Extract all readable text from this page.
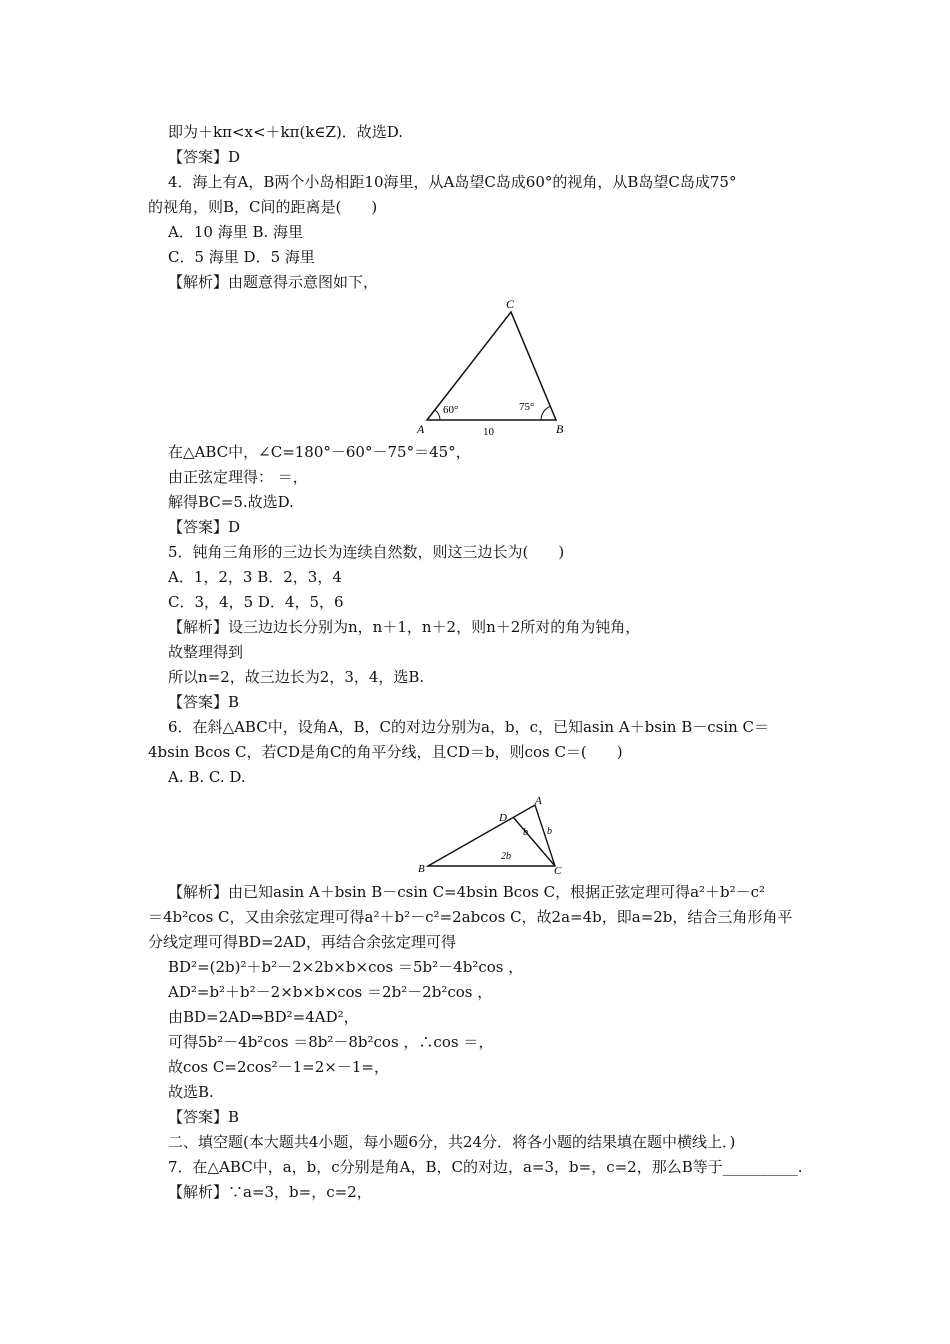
即为＋kπ<x<＋kπ(k∈Z)．故选D.
【答案】D
4．海上有A，B两个小岛相距10海里，从A岛望C岛成60°的视角，从B岛望C岛成75°
的视角，则B，C间的距离是(　　)
A．10 海里 B. 海里
C．5 海里 D．5 海里
【解析】由题意得示意图如下，
C
A	B
60°	75°
10
在△ABC中，∠C=180°－60°－75°＝45°，
由正弦定理得： ＝，
解得BC=5.故选D.
【答案】D
5．钝角三角形的三边长为连续自然数，则这三边长为(　　)
A．1，2，3 B．2，3，4
C．3，4，5 D．4，5，6
【解析】设三边边长分别为n，n＋1，n＋2，则n＋2所对的角为钝角，
故整理得到
所以n=2，故三边长为2，3，4，选B.
【答案】B
6．在斜△ABC中，设角A，B，C的对边分别为a，b，c，已知asin A＋bsin B－csin C＝
4bsin Bcos C，若CD是角C的角平分线，且CD＝b，则cos C＝(　　)
A. B. C. D.
A
D
B	C
b b
2b
【解析】由已知asin A＋bsin B－csin C=4bsin Bcos C，根据正弦定理可得a²＋b²－c²
＝4b²cos C，又由余弦定理可得a²＋b²－c²=2abcos C，故2a=4b，即a=2b，结合三角形角平
分线定理可得BD=2AD，再结合余弦定理可得
BD²=(2b)²＋b²－2×2b×b×cos ＝5b²－4b²cos ，
AD²=b²＋b²－2×b×b×cos ＝2b²－2b²cos ，
由BD=2AD⇒BD²=4AD²，
可得5b²－4b²cos ＝8b²－8b²cos ，∴cos ＝，
故cos C=2cos²－1=2×－1=，
故选B.
【答案】B
二、填空题(本大题共4小题，每小题6分，共24分．将各小题的结果填在题中横线上．)
7．在△ABC中，a，b，c分别是角A，B，C的对边，a=3，b=，c=2，那么B等于__________.
【解析】∵a=3，b=，c=2，
